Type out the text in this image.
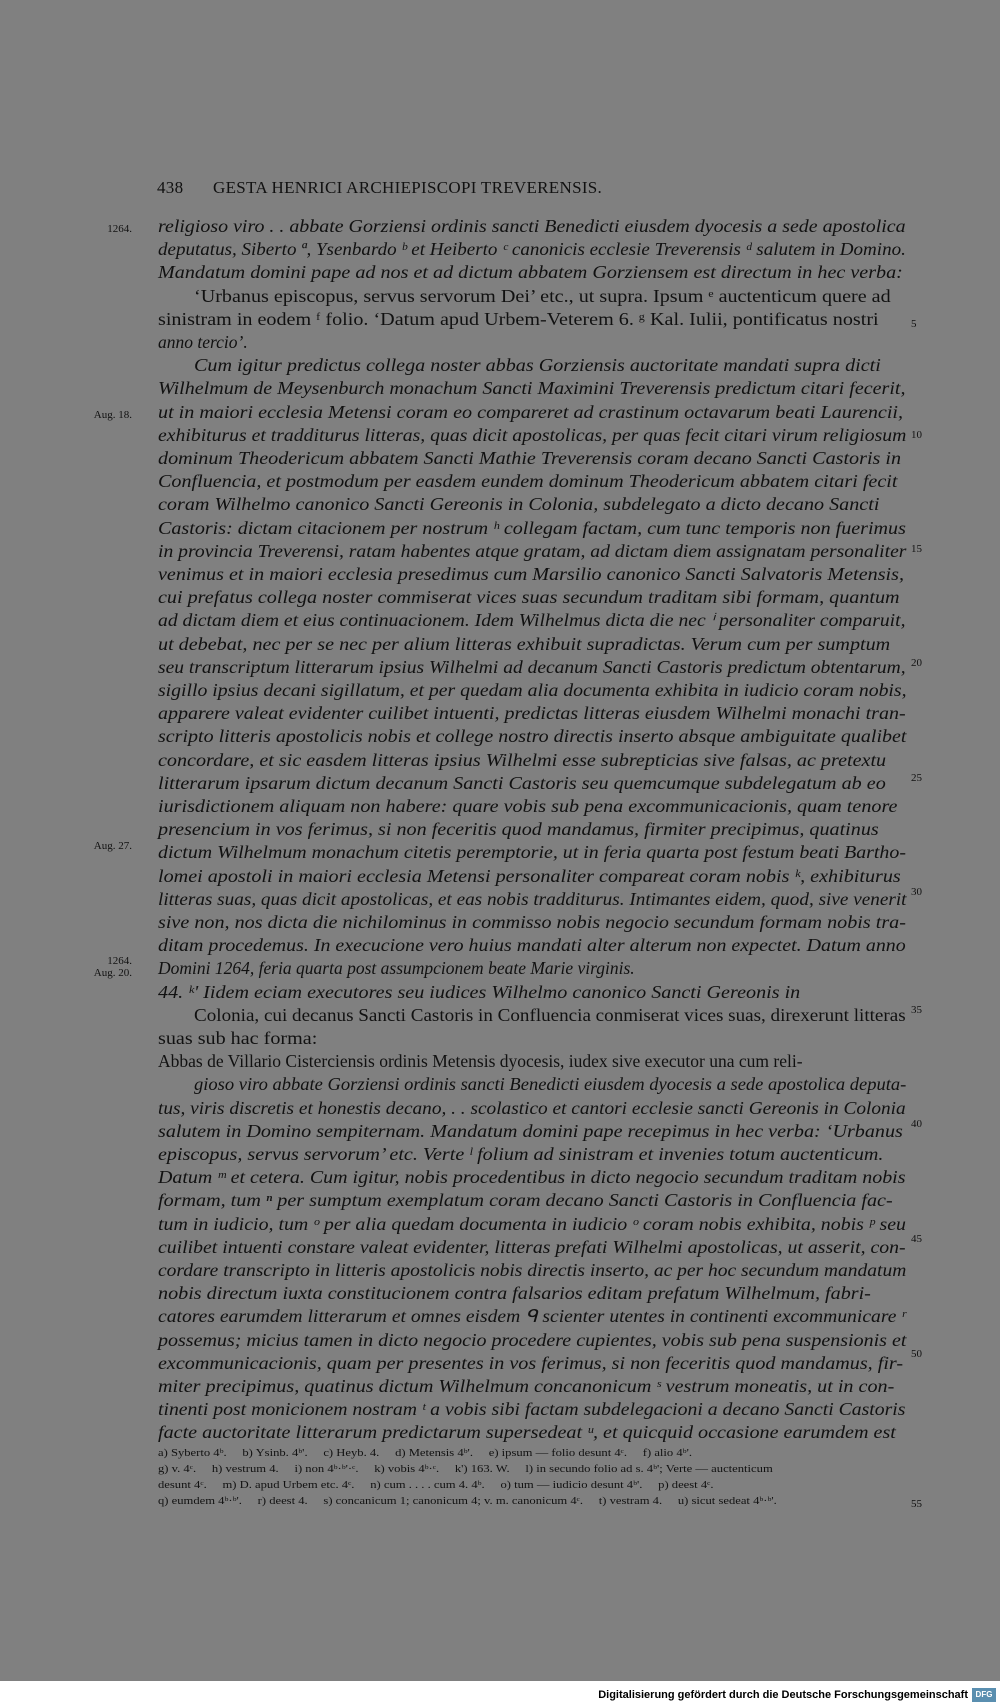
438 GESTA HENRICI ARCHIEPISCOPI TREVERENSIS.
1264.
Aug. 18.
Aug. 27.
1264.
Aug. 20.
5
10
15
20
25
30
35
40
45
50
55
religioso viro . . abbate Gorziensi ordinis sancti Benedicti eiusdem dyocesis a sede apostolica
deputatus, Siberto ª, Ysenbardo ᵇ et Heiberto ᶜ canonicis ecclesie Treverensis ᵈ salutem in Domino.
Mandatum domini pape ad nos et ad dictum abbatem Gorziensem est directum in hec verba:
‘Urbanus episcopus, servus servorum Dei’ etc., ut supra. Ipsum ᵉ auctenticum quere ad
sinistram in eodem ᶠ folio. ‘Datum apud Urbem-Veterem 6. ᵍ Kal. Iulii, pontificatus nostri
anno tercio’.
Cum igitur predictus collega noster abbas Gorziensis auctoritate mandati supra dicti
Wilhelmum de Meysenburch monachum Sancti Maximini Treverensis predictum citari fecerit,
ut in maiori ecclesia Metensi coram eo compareret ad crastinum octavarum beati Laurencii,
exhibiturus et tradditurus litteras, quas dicit apostolicas, per quas fecit citari virum religiosum
dominum Theodericum abbatem Sancti Mathie Treverensis coram decano Sancti Castoris in
Confluencia, et postmodum per easdem eundem dominum Theodericum abbatem citari fecit
coram Wilhelmo canonico Sancti Gereonis in Colonia, subdelegato a dicto decano Sancti
Castoris: dictam citacionem per nostrum ʰ collegam factam, cum tunc temporis non fuerimus
in provincia Treverensi, ratam habentes atque gratam, ad dictam diem assignatam personaliter
venimus et in maiori ecclesia presedimus cum Marsilio canonico Sancti Salvatoris Metensis,
cui prefatus collega noster commiserat vices suas secundum traditam sibi formam, quantum
ad dictam diem et eius continuacionem. Idem Wilhelmus dicta die nec ⁱ personaliter comparuit,
ut debebat, nec per se nec per alium litteras exhibuit supradictas. Verum cum per sumptum
seu transcriptum litterarum ipsius Wilhelmi ad decanum Sancti Castoris predictum obtentarum,
sigillo ipsius decani sigillatum, et per quedam alia documenta exhibita in iudicio coram nobis,
apparere valeat evidenter cuilibet intuenti, predictas litteras eiusdem Wilhelmi monachi tran-
scripto litteris apostolicis nobis et college nostro directis inserto absque ambiguitate qualibet
concordare, et sic easdem litteras ipsius Wilhelmi esse subrepticias sive falsas, ac pretextu
litterarum ipsarum dictum decanum Sancti Castoris seu quemcumque subdelegatum ab eo
iurisdictionem aliquam non habere: quare vobis sub pena excommunicacionis, quam tenore
presencium in vos ferimus, si non feceritis quod mandamus, firmiter precipimus, quatinus
dictum Wilhelmum monachum citetis peremptorie, ut in feria quarta post festum beati Bartho-
lomei apostoli in maiori ecclesia Metensi personaliter compareat coram nobis ᵏ, exhibiturus
litteras suas, quas dicit apostolicas, et eas nobis tradditurus. Intimantes eidem, quod, sive venerit
sive non, nos dicta die nichilominus in commisso nobis negocio secundum formam nobis tra-
ditam procedemus. In execucione vero huius mandati alter alterum non expectet. Datum anno
Domini 1264, feria quarta post assumpcionem beate Marie virginis.
44. ᵏ' Iidem eciam executores seu iudices Wilhelmo canonico Sancti Gereonis in
Colonia, cui decanus Sancti Castoris in Confluencia conmiserat vices suas, direxerunt litteras
suas sub hac forma:
Abbas de Villario Cisterciensis ordinis Metensis dyocesis, iudex sive executor una cum reli-
gioso viro abbate Gorziensi ordinis sancti Benedicti eiusdem dyocesis a sede apostolica deputa-
tus, viris discretis et honestis decano, . . scolastico et cantori ecclesie sancti Gereonis in Colonia
salutem in Domino sempiternam. Mandatum domini pape recepimus in hec verba: ‘Urbanus
episcopus, servus servorum’ etc. Verte ˡ folium ad sinistram et invenies totum auctenticum.
Datum ᵐ et cetera. Cum igitur, nobis procedentibus in dicto negocio secundum traditam nobis
formam, tum ⁿ per sumptum exemplatum coram decano Sancti Castoris in Confluencia fac-
tum in iudicio, tum ᵒ per alia quedam documenta in iudicio ᵒ coram nobis exhibita, nobis ᵖ seu
cuilibet intuenti constare valeat evidenter, litteras prefati Wilhelmi apostolicas, ut asserit, con-
cordare transcripto in litteris apostolicis nobis directis inserto, ac per hoc secundum mandatum
nobis directum iuxta constitucionem contra falsarios editam prefatum Wilhelmum, fabri-
catores earumdem litterarum et omnes eisdem ᑫ scienter utentes in continenti excommunicare ʳ
possemus; micius tamen in dicto negocio procedere cupientes, vobis sub pena suspensionis et
excommunicacionis, quam per presentes in vos ferimus, si non feceritis quod mandamus, fir-
miter precipimus, quatinus dictum Wilhelmum concanonicum ˢ vestrum moneatis, ut in con-
tinenti post monicionem nostram ᵗ a vobis sibi factam subdelegacioni a decano Sancti Castoris
facte auctoritate litterarum predictarum supersedeat ᵘ, et quicquid occasione earumdem est
a) Syberto 4ᵇ.     b) Ysinb. 4ᵇ'.     c) Heyb. 4.     d) Metensis 4ᵇ'.     e) ipsum — folio desunt 4ᶜ.     f) alio 4ᵇ'.
g) v. 4ᶜ.     h) vestrum 4.     i) non 4ᵇ·ᵇ'·ᶜ.     k) vobis 4ᵇ·ᶜ.     k') 163. W.     l) in secundo folio ad s. 4ᵇ'; Verte — auctenticum
desunt 4ᶜ.     m) D. apud Urbem etc. 4ᶜ.     n) cum . . . . cum 4. 4ᵇ.     o) tum — iudicio desunt 4ᵇ'.     p) deest 4ᶜ.
q) eumdem 4ᵇ·ᵇ'.     r) deest 4.     s) concanicum 1; canonicum 4; v. m. canonicum 4ᶜ.     t) vestram 4.     u) sicut sedeat 4ᵇ·ᵇ'.
Digitalisierung gefördert durch die Deutsche Forschungsgemeinschaft DFG
